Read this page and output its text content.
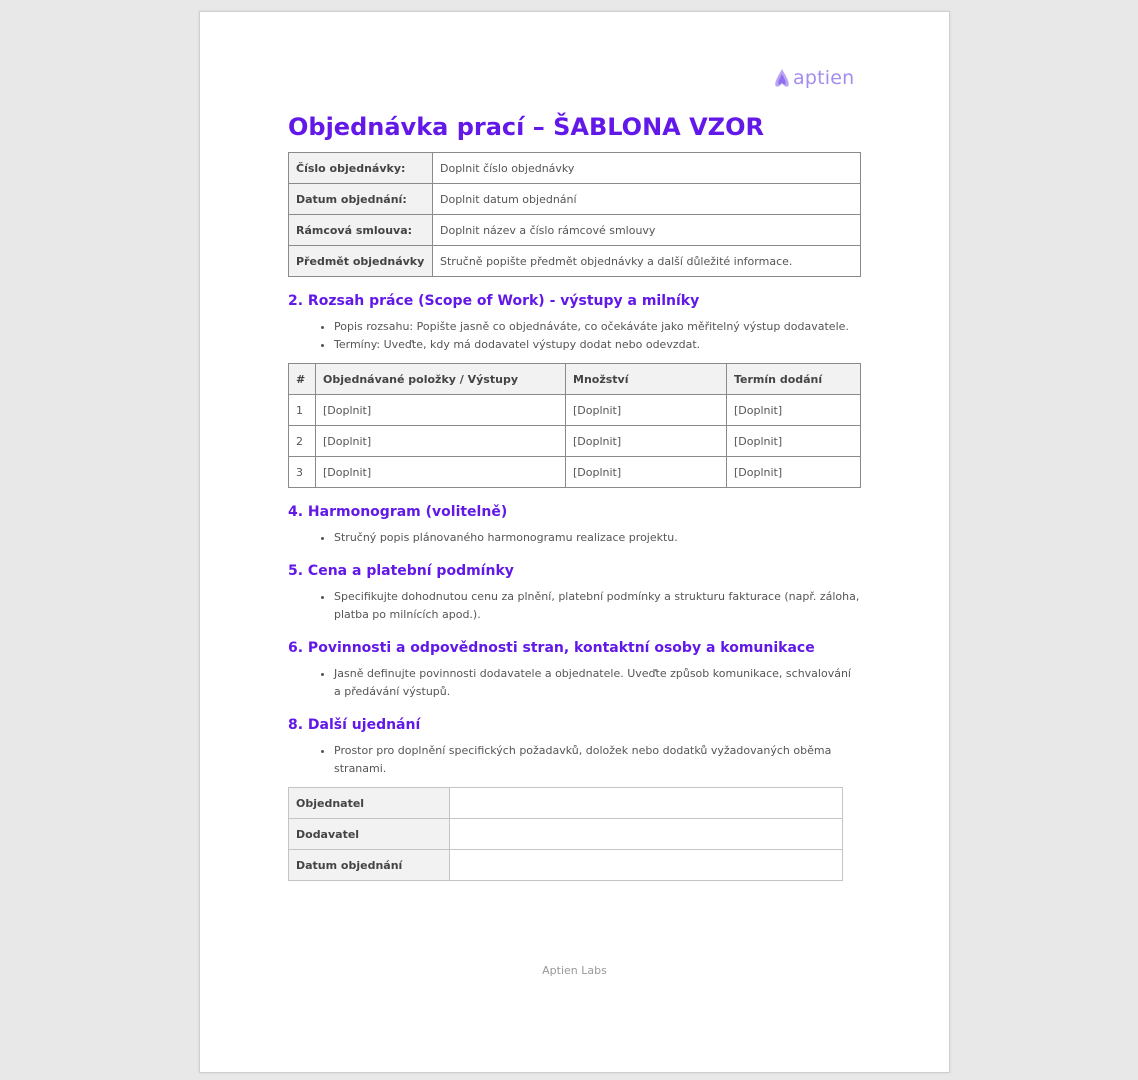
aptien
Objednávka prací – ŠABLONA VZOR
Číslo objednávky:	Doplnit číslo objednávky
Datum objednání:	Doplnit datum objednání
Rámcová smlouva:	Doplnit název a číslo rámcové smlouvy
Předmět objednávky	Stručně popište předmět objednávky a další důležité informace.
2. Rozsah práce (Scope of Work) - výstupy a milníky
• Popis rozsahu: Popište jasně co objednáváte, co očekáváte jako měřitelný výstup dodavatele.
• Termíny: Uveďte, kdy má dodavatel výstupy dodat nebo odevzdat.
#	Objednávané položky / Výstupy	Množství	Termín dodání
1	[Doplnit]	[Doplnit]	[Doplnit]
2	[Doplnit]	[Doplnit]	[Doplnit]
3	[Doplnit]	[Doplnit]	[Doplnit]
4. Harmonogram (volitelně)
• Stručný popis plánovaného harmonogramu realizace projektu.
5. Cena a platební podmínky
• Specifikujte dohodnutou cenu za plnění, platební podmínky a strukturu fakturace (např. záloha, platba po milnících apod.).
6. Povinnosti a odpovědnosti stran, kontaktní osoby a komunikace
• Jasně definujte povinnosti dodavatele a objednatele. Uveďte způsob komunikace, schvalování a předávání výstupů.
8. Další ujednání
• Prostor pro doplnění specifických požadavků, doložek nebo dodatků vyžadovaných oběma stranami.
Objednatel	
Dodavatel	
Datum objednání	
Aptien Labs
